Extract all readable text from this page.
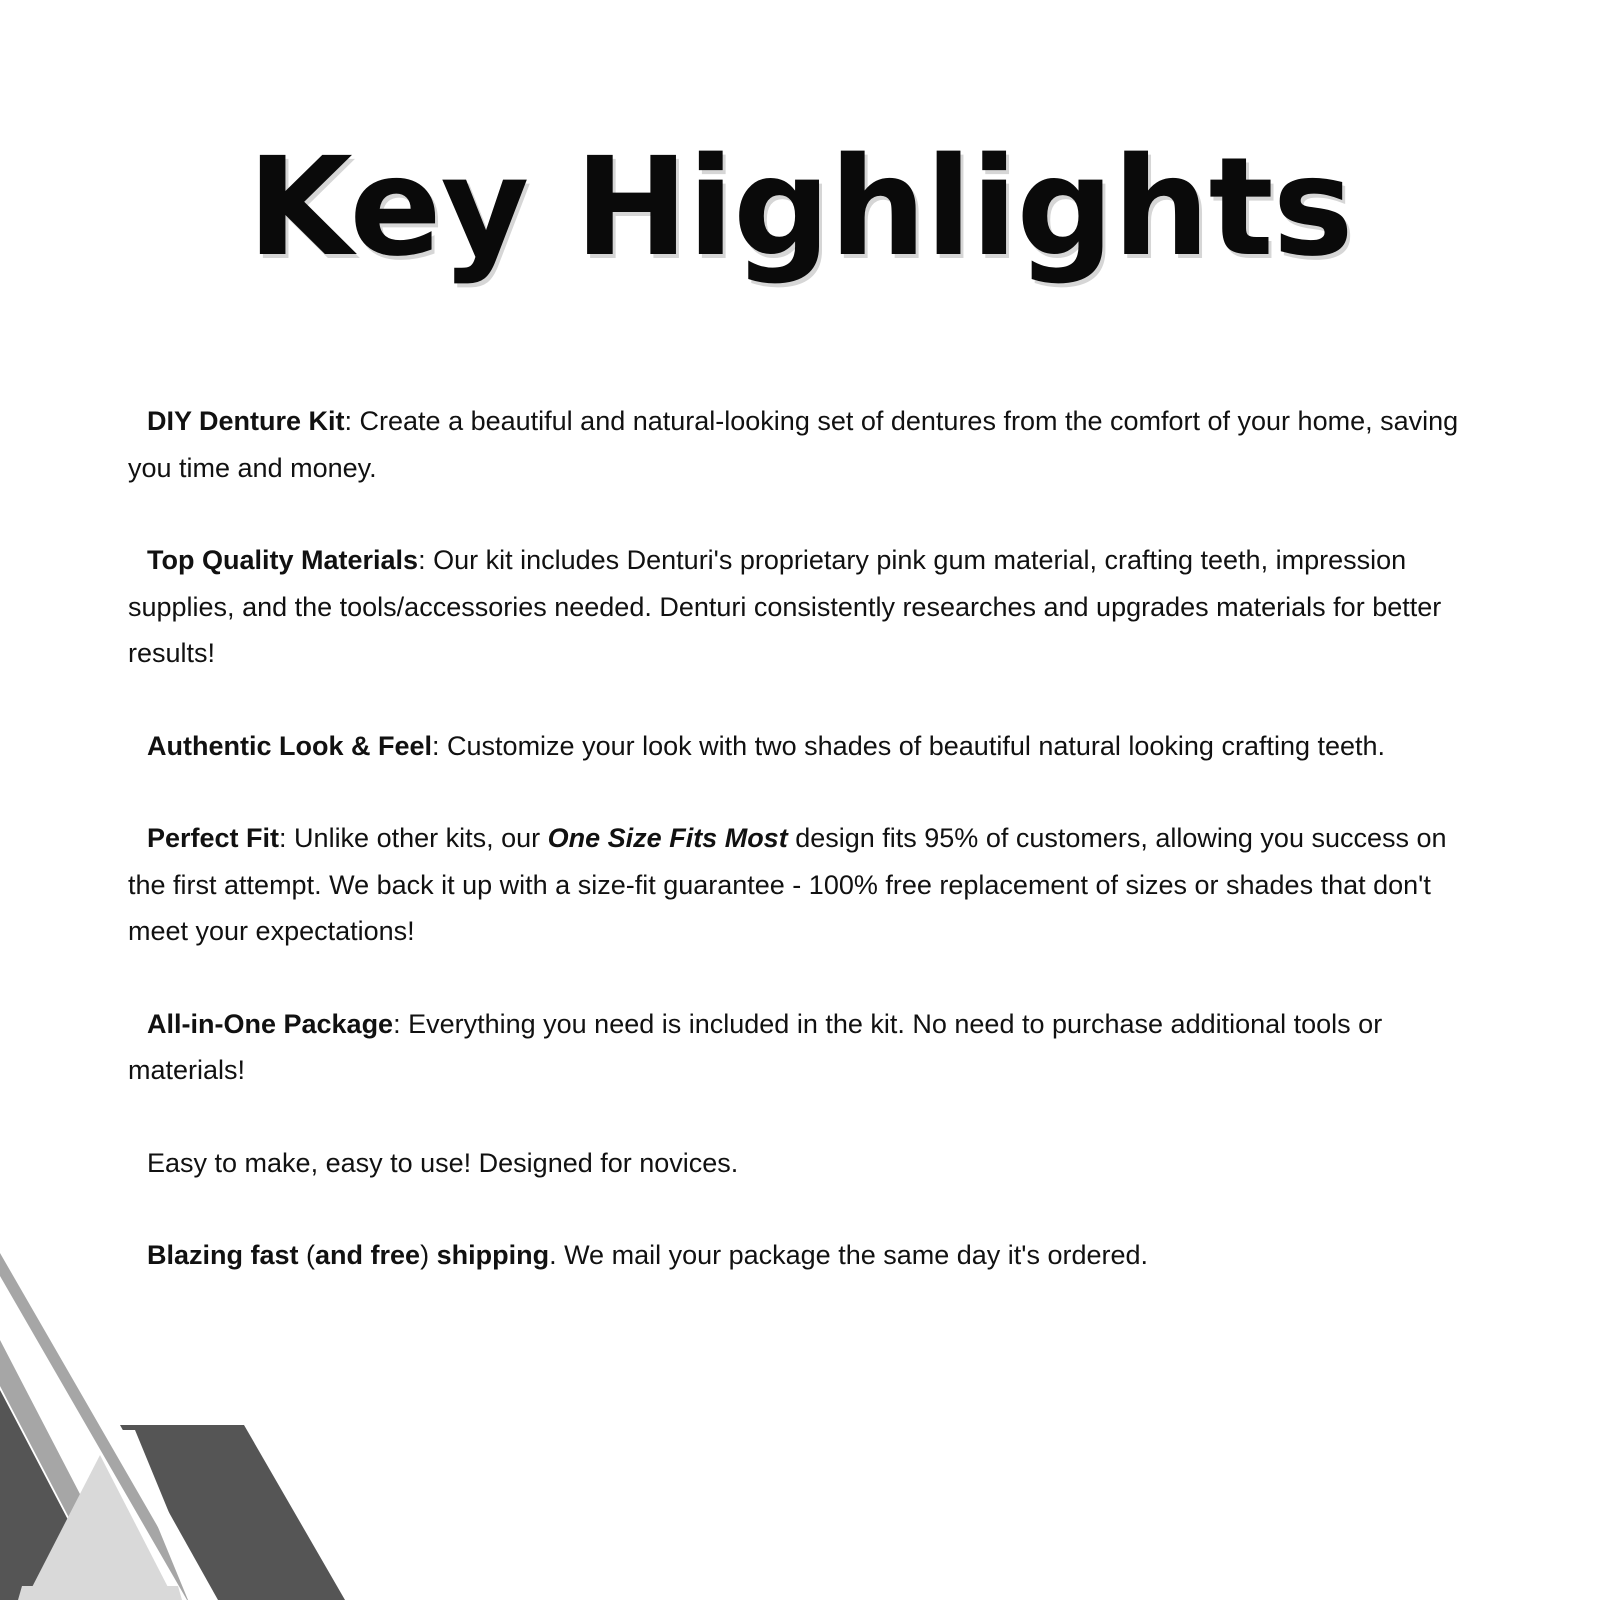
Key Highlights
DIY Denture Kit: Create a beautiful and natural-looking set of dentures from the comfort of your home, saving you time and money.
Top Quality Materials: Our kit includes Denturi's proprietary pink gum material, crafting teeth, impression supplies, and the tools/accessories needed. Denturi consistently researches and upgrades materials for better results!
Authentic Look & Feel: Customize your look with two shades of beautiful natural looking crafting teeth.
Perfect Fit: Unlike other kits, our One Size Fits Most design fits 95% of customers, allowing you success on the first attempt. We back it up with a size-fit guarantee - 100% free replacement of sizes or shades that don't meet your expectations!
All-in-One Package: Everything you need is included in the kit. No need to purchase additional tools or materials!
Easy to make, easy to use! Designed for novices.
Blazing fast (and free) shipping. We mail your package the same day it's ordered.
